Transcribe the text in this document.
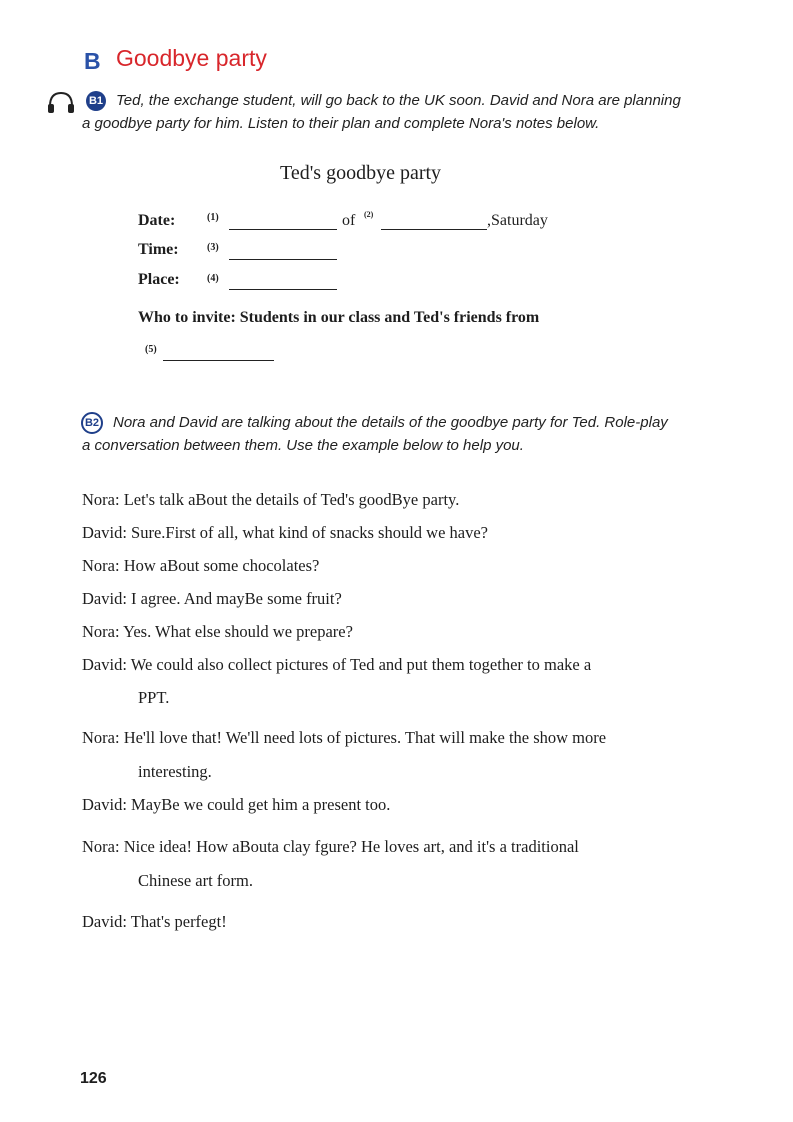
B Goodbye party
B1 Ted, the exchange student, will go back to the UK soon. David and Nora are planning
a goodbye party for him. Listen to their plan and complete Nora's notes below.
Ted's goodbye party
Date:	(1)	of (2)	,Saturday
Time:	(3)
Place:	(4)
Who to invite: Students in our class and Ted's friends from
(5)
B2 Nora and David are talking about the details of the goodbye party for Ted. Role-play
a conversation between them. Use the example below to help you.
Nora: Let's talk aBout the details of Ted's goodBye party.
David: Sure.First of all, what kind of snacks should we have?
Nora: How aBout some chocolates?
David: I agree. And mayBe some fruit?
Nora: Yes. What else should we prepare?
David: We could also collect pictures of Ted and put them together to make a
PPT.
Nora: He'll love that! We'll need lots of pictures. That will make the show more
interesting.
David: MayBe we could get him a present too.
Nora: Nice idea! How aBouta clay fgure? He loves art, and it's a traditional
Chinese art form.
David: That's perfegt!
126
